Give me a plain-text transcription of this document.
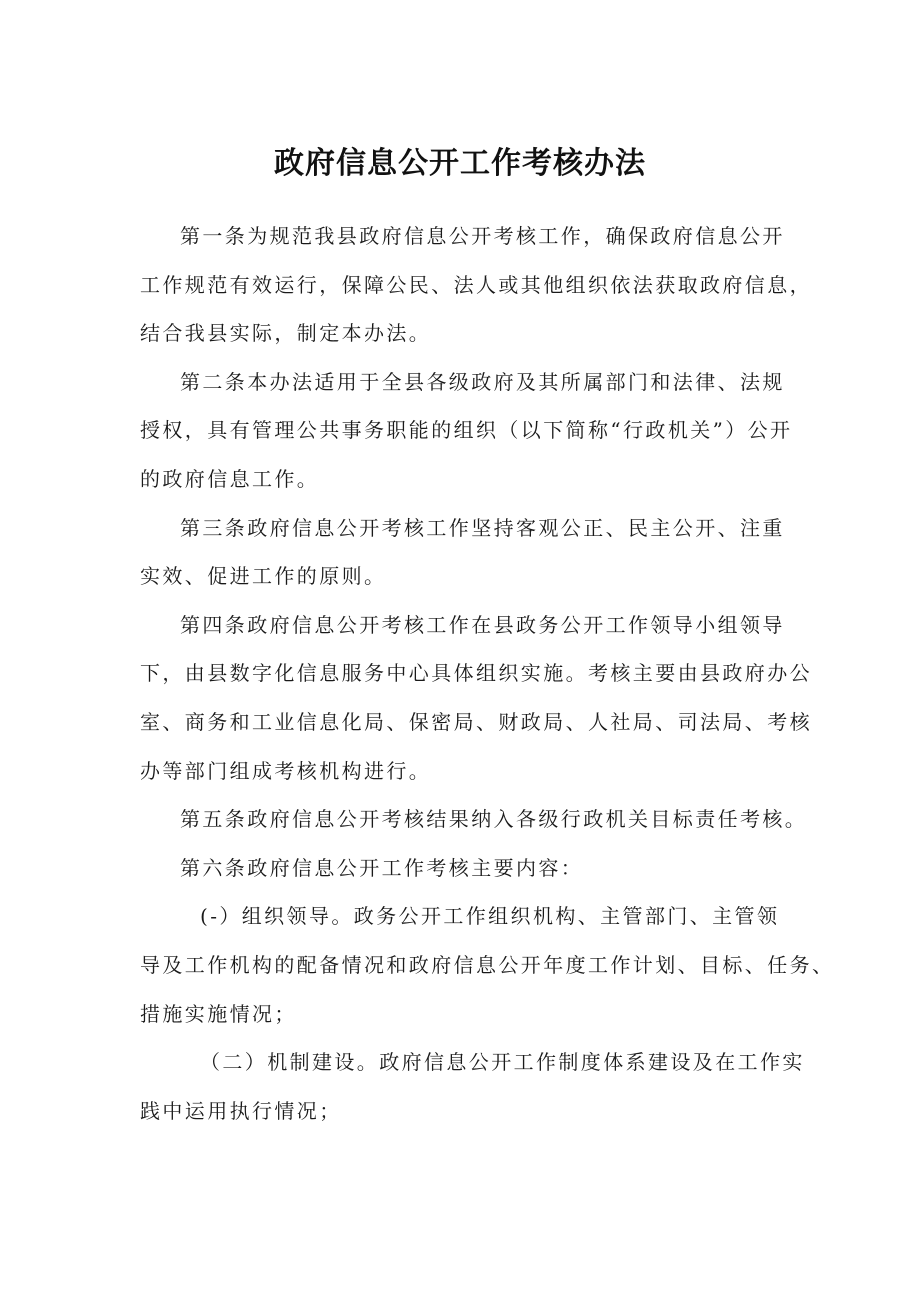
政府信息公开工作考核办法

第一条为规范我县政府信息公开考核工作，确保政府信息公开
工作规范有效运行，保障公民、法人或其他组织依法获取政府信息，
结合我县实际，制定本办法。

第二条本办法适用于全县各级政府及其所属部门和法律、法规
授权，具有管理公共事务职能的组织（以下简称“行政机关”）公开
的政府信息工作。

第三条政府信息公开考核工作坚持客观公正、民主公开、注重
实效、促进工作的原则。

第四条政府信息公开考核工作在县政务公开工作领导小组领导
下，由县数字化信息服务中心具体组织实施。考核主要由县政府办公
室、商务和工业信息化局、保密局、财政局、人社局、司法局、考核
办等部门组成考核机构进行。

第五条政府信息公开考核结果纳入各级行政机关目标责任考核。

第六条政府信息公开工作考核主要内容：

(-）组织领导。政务公开工作组织机构、主管部门、主管领
导及工作机构的配备情况和政府信息公开年度工作计划、目标、任务、
措施实施情况；

（二）机制建设。政府信息公开工作制度体系建设及在工作实
践中运用执行情况；
